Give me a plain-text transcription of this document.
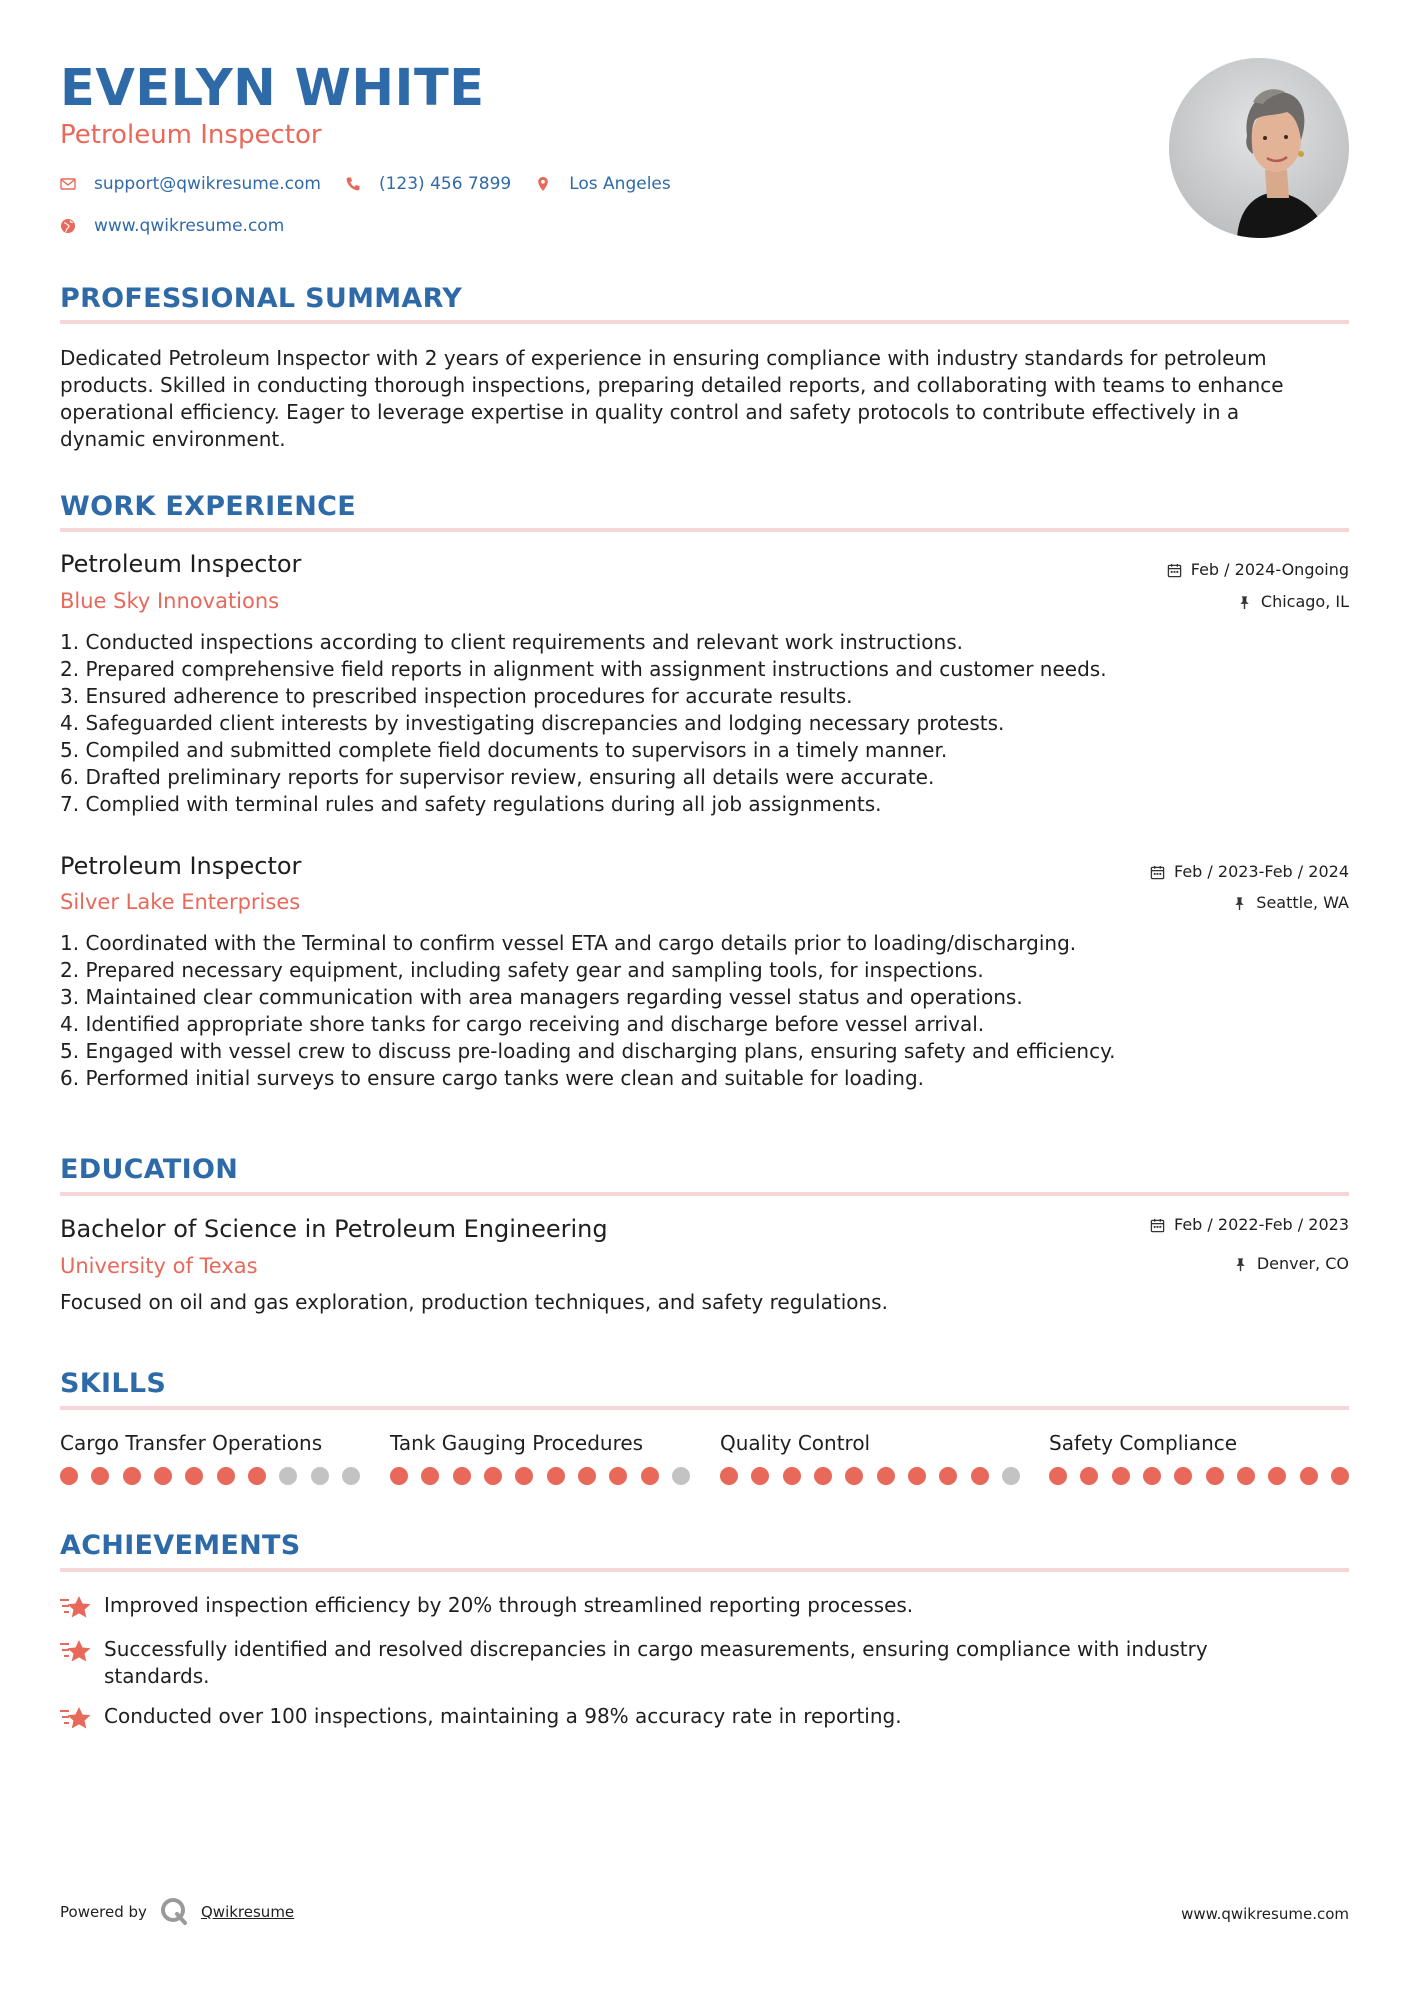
EVELYN WHITE
Petroleum Inspector
support@qwikresume.com	(123) 456 7899	Los Angeles
www.qwikresume.com
PROFESSIONAL SUMMARY

Dedicated Petroleum Inspector with 2 years of experience in ensuring compliance with industry standards for petroleum
products. Skilled in conducting thorough inspections, preparing detailed reports, and collaborating with teams to enhance
operational efficiency. Eager to leverage expertise in quality control and safety protocols to contribute effectively in a
dynamic environment.

WORK EXPERIENCE
Petroleum Inspector
Blue Sky Innovations
Feb / 2024-Ongoing
Chicago, IL
1. Conducted inspections according to client requirements and relevant work instructions.
2. Prepared comprehensive field reports in alignment with assignment instructions and customer needs.
3. Ensured adherence to prescribed inspection procedures for accurate results.
4. Safeguarded client interests by investigating discrepancies and lodging necessary protests.
5. Compiled and submitted complete field documents to supervisors in a timely manner.
6. Drafted preliminary reports for supervisor review, ensuring all details were accurate.
7. Complied with terminal rules and safety regulations during all job assignments.
Petroleum Inspector
Silver Lake Enterprises
Feb / 2023-Feb / 2024
Seattle, WA
1. Coordinated with the Terminal to confirm vessel ETA and cargo details prior to loading/discharging.
2. Prepared necessary equipment, including safety gear and sampling tools, for inspections.
3. Maintained clear communication with area managers regarding vessel status and operations.
4. Identified appropriate shore tanks for cargo receiving and discharge before vessel arrival.
5. Engaged with vessel crew to discuss pre-loading and discharging plans, ensuring safety and efficiency.
6. Performed initial surveys to ensure cargo tanks were clean and suitable for loading.
EDUCATION
Bachelor of Science in Petroleum Engineering
University of Texas
Feb / 2022-Feb / 2023
Denver, CO

Focused on oil and gas exploration, production techniques, and safety regulations.

SKILLS
Cargo Transfer Operations	Tank Gauging Procedures	Quality Control	Safety Compliance
ACHIEVEMENTS
Improved inspection efficiency by 20% through streamlined reporting processes.
Successfully identified and resolved discrepancies in cargo measurements, ensuring compliance with industry
standards.
Conducted over 100 inspections, maintaining a 98% accuracy rate in reporting.
Powered by	Qwikresume	www.qwikresume.com
